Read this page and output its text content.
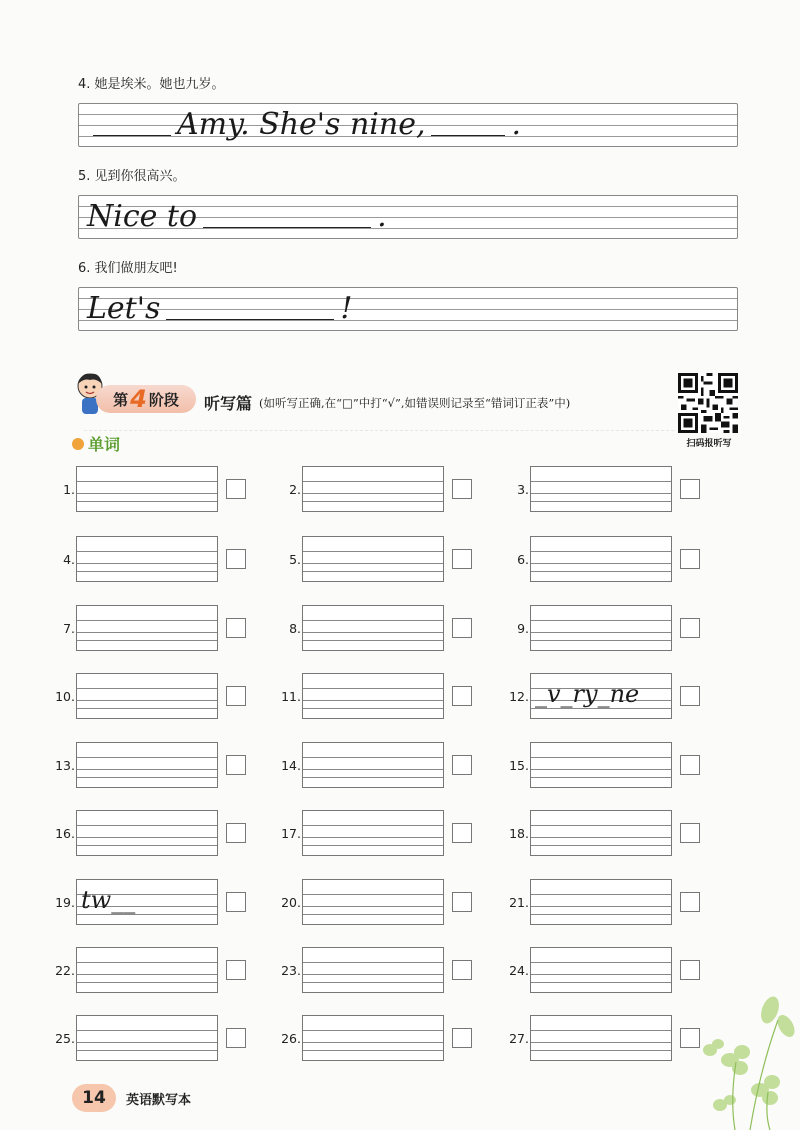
4. 她是埃米。她也九岁。
Amy. She's nine,	.
5. 见到你很高兴。
Nice to	.
6. 我们做朋友吧!
Let's	!
第 4 阶段 听写篇 (如听写正确,在“□”中打“√”,如错误则记录至“错词订正表”中)
扫码报听写
单词
1.	2.	3.
4.	5.	6.
7.	8.	9.
10.	11.	12. _v_ry_ne
13.	14.	15.
16.	17.	18.
19. tw__	20.	21.
22.	23.	24.
25.	26.	27.
14	英语默写本
